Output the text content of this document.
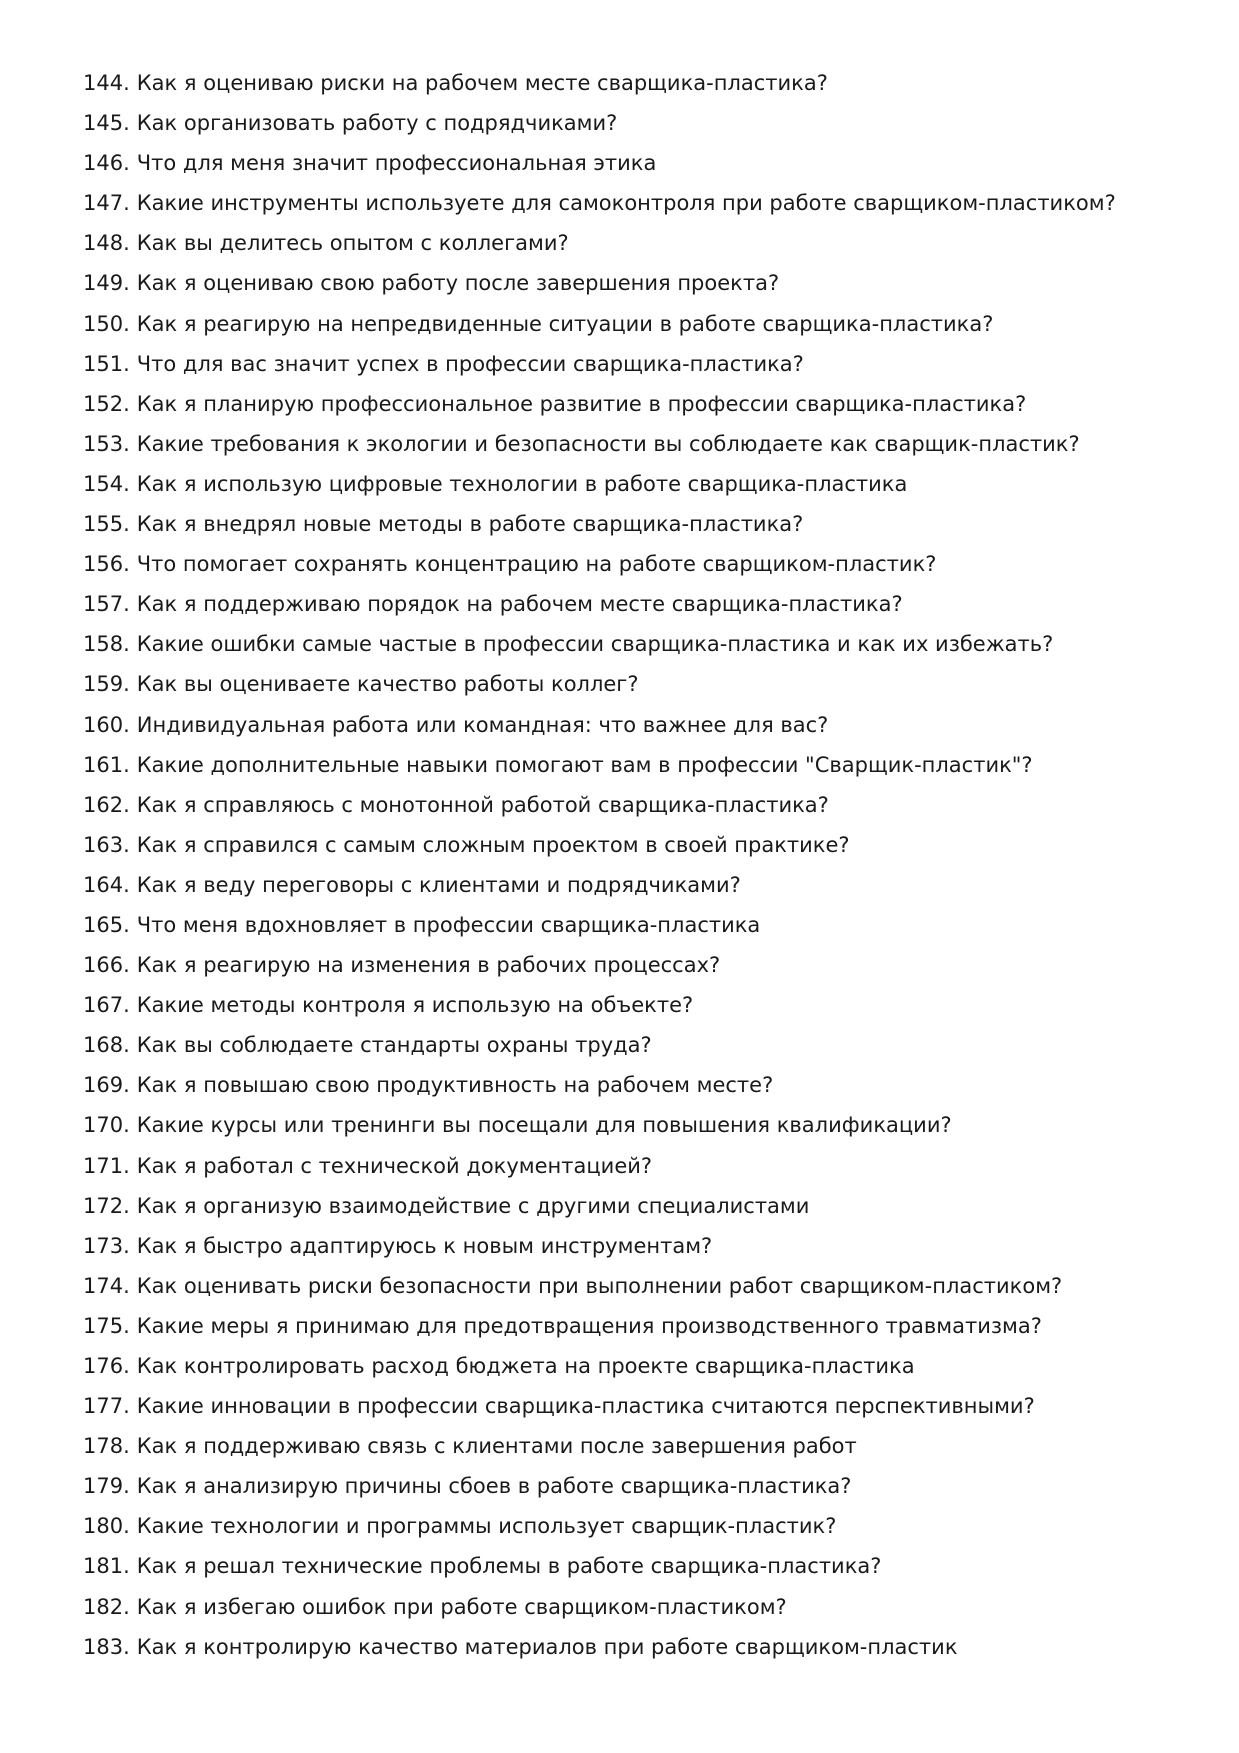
144. Как я оцениваю риски на рабочем месте сварщика-пластика?
145. Как организовать работу с подрядчиками?
146. Что для меня значит профессиональная этика
147. Какие инструменты используете для самоконтроля при работе сварщиком-пластиком?
148. Как вы делитесь опытом с коллегами?
149. Как я оцениваю свою работу после завершения проекта?
150. Как я реагирую на непредвиденные ситуации в работе сварщика-пластика?
151. Что для вас значит успех в профессии сварщика-пластика?
152. Как я планирую профессиональное развитие в профессии сварщика-пластика?
153. Какие требования к экологии и безопасности вы соблюдаете как сварщик-пластик?
154. Как я использую цифровые технологии в работе сварщика-пластика
155. Как я внедрял новые методы в работе сварщика-пластика?
156. Что помогает сохранять концентрацию на работе сварщиком-пластик?
157. Как я поддерживаю порядок на рабочем месте сварщика-пластика?
158. Какие ошибки самые частые в профессии сварщика-пластика и как их избежать?
159. Как вы оцениваете качество работы коллег?
160. Индивидуальная работа или командная: что важнее для вас?
161. Какие дополнительные навыки помогают вам в профессии "Сварщик-пластик"?
162. Как я справляюсь с монотонной работой сварщика-пластика?
163. Как я справился с самым сложным проектом в своей практике?
164. Как я веду переговоры с клиентами и подрядчиками?
165. Что меня вдохновляет в профессии сварщика-пластика
166. Как я реагирую на изменения в рабочих процессах?
167. Какие методы контроля я использую на объекте?
168. Как вы соблюдаете стандарты охраны труда?
169. Как я повышаю свою продуктивность на рабочем месте?
170. Какие курсы или тренинги вы посещали для повышения квалификации?
171. Как я работал с технической документацией?
172. Как я организую взаимодействие с другими специалистами
173. Как я быстро адаптируюсь к новым инструментам?
174. Как оценивать риски безопасности при выполнении работ сварщиком-пластиком?
175. Какие меры я принимаю для предотвращения производственного травматизма?
176. Как контролировать расход бюджета на проекте сварщика-пластика
177. Какие инновации в профессии сварщика-пластика считаются перспективными?
178. Как я поддерживаю связь с клиентами после завершения работ
179. Как я анализирую причины сбоев в работе сварщика-пластика?
180. Какие технологии и программы использует сварщик-пластик?
181. Как я решал технические проблемы в работе сварщика-пластика?
182. Как я избегаю ошибок при работе сварщиком-пластиком?
183. Как я контролирую качество материалов при работе сварщиком-пластик
